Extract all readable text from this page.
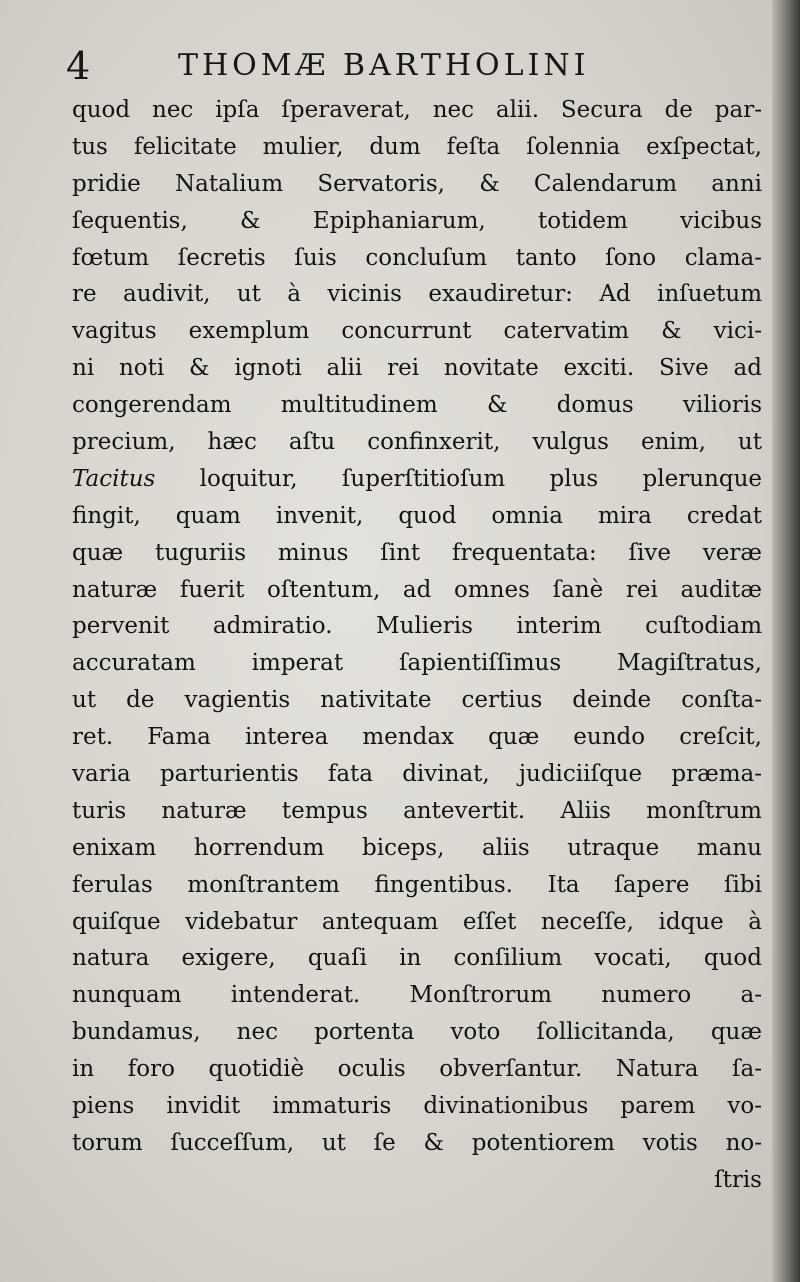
4	THOMÆ BARTHOLINI
quod nec ipſa ſperaverat, nec alii. Secura de par-
tus felicitate mulier, dum feſta ſolennia exſpectat,
pridie Natalium Servatoris, & Calendarum anni
ſequentis, & Epiphaniarum, totidem vicibus
fœtum ſecretis ſuis concluſum tanto ſono clama-
re audivit, ut à vicinis exaudiretur: Ad inſuetum
vagitus exemplum concurrunt catervatim & vici-
ni noti & ignoti alii rei novitate exciti. Sive ad
congerendam multitudinem & domus vilioris
precium, hæc aſtu confinxerit, vulgus enim, ut
Tacitus loquitur, ſuperſtitioſum plus plerunque
fingit, quam invenit, quod omnia mira credat
quæ tuguriis minus ſint frequentata: ſive veræ
naturæ fuerit oſtentum, ad omnes ſanè rei auditæ
pervenit admiratio. Mulieris interim cuſtodiam
accuratam imperat ſapientiſſimus Magiſtratus,
ut de vagientis nativitate certius deinde conſta-
ret. Fama interea mendax quæ eundo creſcit,
varia parturientis fata divinat, judiciiſque præma-
turis naturæ tempus antevertit. Aliis monſtrum
enixam horrendum biceps, aliis utraque manu
ferulas monſtrantem fingentibus. Ita ſapere ſibi
quiſque videbatur antequam eſſet neceſſe, idque à
natura exigere, quaſi in conſilium vocati, quod
nunquam intenderat. Monſtrorum numero a-
bundamus, nec portenta voto ſollicitanda, quæ
in foro quotidiè oculis obverſantur. Natura ſa-
piens invidit immaturis divinationibus parem vo-
torum ſucceſſum, ut ſe & potentiorem votis no-
ſtris
